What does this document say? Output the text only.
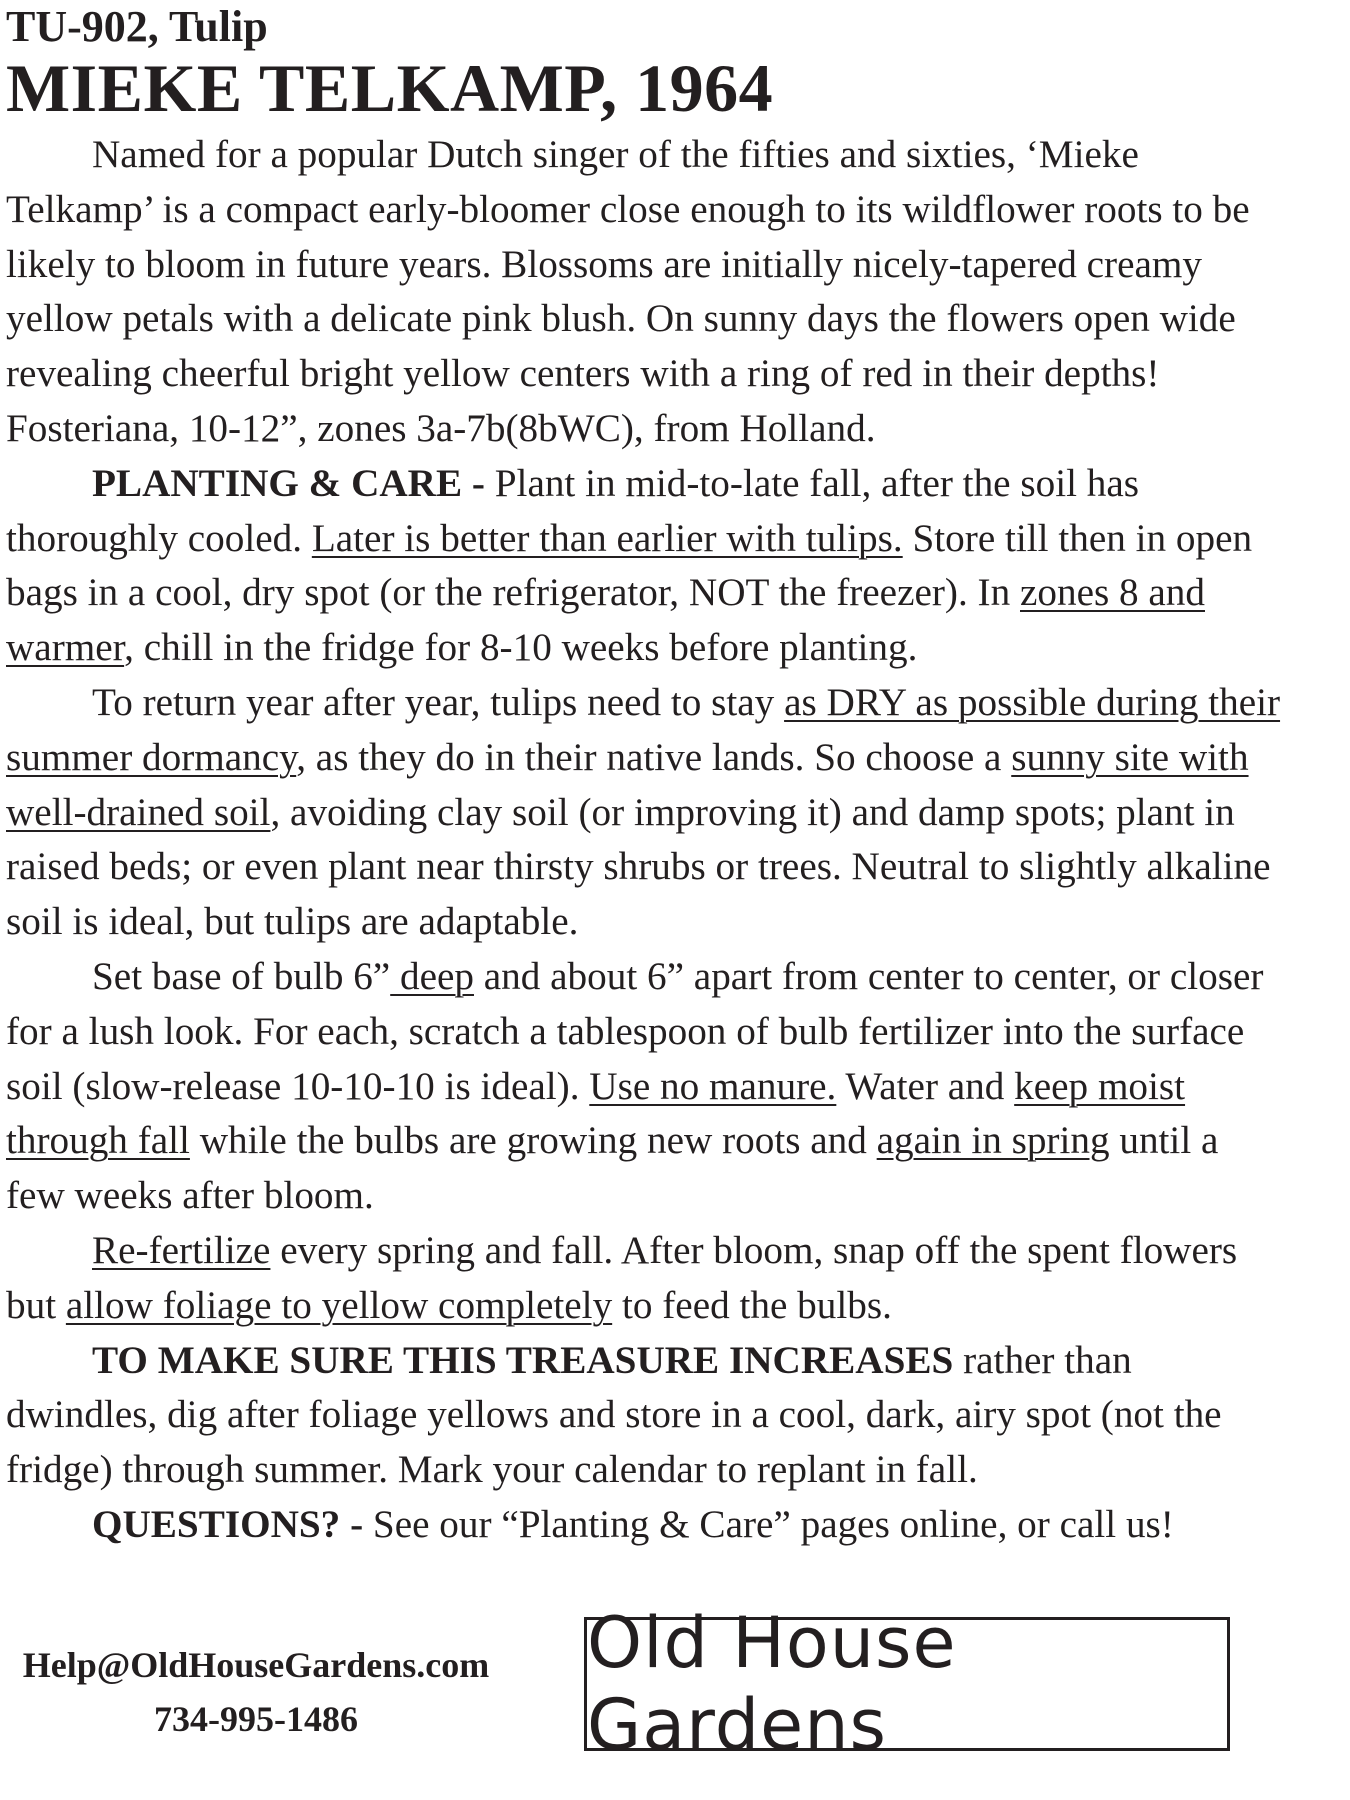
TU-902, Tulip
MIEKE TELKAMP, 1964

Named for a popular Dutch singer of the fifties and sixties, ‘Mieke Telkamp’ is a compact early-bloomer close enough to its wildflower roots to be likely to bloom in future years. Blossoms are initially nicely-tapered creamy yellow petals with a delicate pink blush. On sunny days the flowers open wide revealing cheerful bright yellow centers with a ring of red in their depths! Fosteriana, 10-12”, zones 3a-7b(8bWC), from Holland.

PLANTING & CARE - Plant in mid-to-late fall, after the soil has thoroughly cooled. Later is better than earlier with tulips. Store till then in open bags in a cool, dry spot (or the refrigerator, NOT the freezer). In zones 8 and warmer, chill in the fridge for 8-10 weeks before planting.

To return year after year, tulips need to stay as DRY as possible during their summer dormancy, as they do in their native lands. So choose a sunny site with well-drained soil, avoiding clay soil (or improving it) and damp spots; plant in raised beds; or even plant near thirsty shrubs or trees. Neutral to slightly alkaline soil is ideal, but tulips are adaptable.

Set base of bulb 6” deep and about 6” apart from center to center, or closer for a lush look. For each, scratch a tablespoon of bulb fertilizer into the surface soil (slow-release 10-10-10 is ideal). Use no manure. Water and keep moist through fall while the bulbs are growing new roots and again in spring until a few weeks after bloom.

Re-fertilize every spring and fall. After bloom, snap off the spent flowers but allow foliage to yellow completely to feed the bulbs.

TO MAKE SURE THIS TREASURE INCREASES rather than dwindles, dig after foliage yellows and store in a cool, dark, airy spot (not the fridge) through summer. Mark your calendar to replant in fall.

QUESTIONS? - See our “Planting & Care” pages online, or call us!

Help@OldHouseGardens.com
734-995-1486
Old House Gardens
